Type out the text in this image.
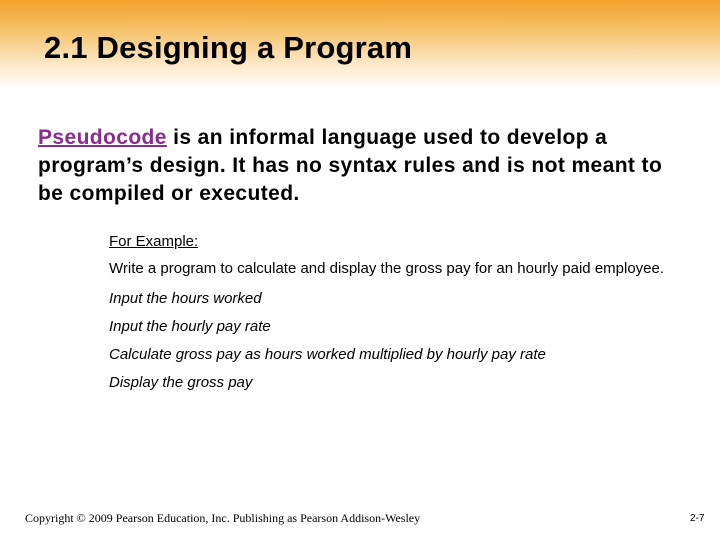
2.1 Designing a Program
Pseudocode is an informal language used to develop a program’s design. It has no syntax rules and is not meant to be compiled or executed.

For Example:

Write a program to calculate and display the gross pay for an hourly paid employee.

Input the hours worked

Input the hourly pay rate

Calculate gross pay as hours worked multiplied by hourly pay rate

Display the gross pay

Copyright © 2009 Pearson Education, Inc. Publishing as Pearson Addison-Wesley	2-7
